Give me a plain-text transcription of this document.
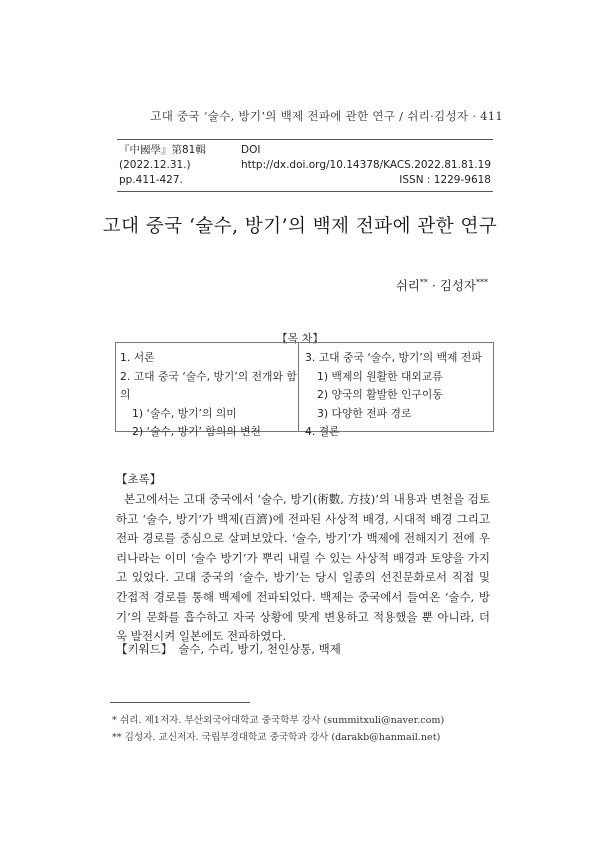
고대 중국 ‘술수, 방기’의 백제 전파에 관한 연구 / 쉬리·김성자 · 411
『中國學』第81輯 (2022.12.31.)
DOI http://dx.doi.org/10.14378/KACS.2022.81.81.19
pp.411-427.	ISSN : 1229-9618
고대 중국 ‘술수, 방기’의 백제 전파에 관한 연구
쉬리** · 김성자***
【목 차】
1. 서론
2. 고대 중국 ‘술수, 방기’의 전개와 함의
1) ‘술수, 방기’의 의미
2) ‘술수, 방기’ 함의의 변천
3. 고대 중국 ‘술수, 방기’의 백제 전파
1) 백제의 원활한 대외교류
2) 양국의 활발한 인구이동
3) 다양한 전파 경로
4. 결론
【초록】
본고에서는 고대 중국에서 ‘술수, 방기(術數, 方技)’의 내용과 변천을 검토하고 ‘술수, 방기’가 백제(百濟)에 전파된 사상적 배경, 시대적 배경 그리고 전파 경로를 중심으로 살펴보았다. ‘술수, 방기’가 백제에 전해지기 전에 우리나라는 이미 ‘술수 방기’가 뿌리 내릴 수 있는 사상적 배경과 토양을 가지고 있었다. 고대 중국의 ‘술수, 방기’는 당시 일종의 선진문화로서 직접 및 간접적 경로를 통해 백제에 전파되었다. 백제는 중국에서 들여온 ‘술수, 방기’의 문화를 흡수하고 자국 상황에 맞게 변용하고 적용했을 뿐 아니라, 더욱 발전시켜 일본에도 전파하였다.
【키워드】 술수, 수리, 방기, 천인상통, 백제
* 쉬리. 제1저자. 부산외국어대학교 중국학부 강사 (summitxuli@naver.com)
** 김성자. 교신저자. 국립부경대학교 중국학과 강사 (darakb@hanmail.net)
